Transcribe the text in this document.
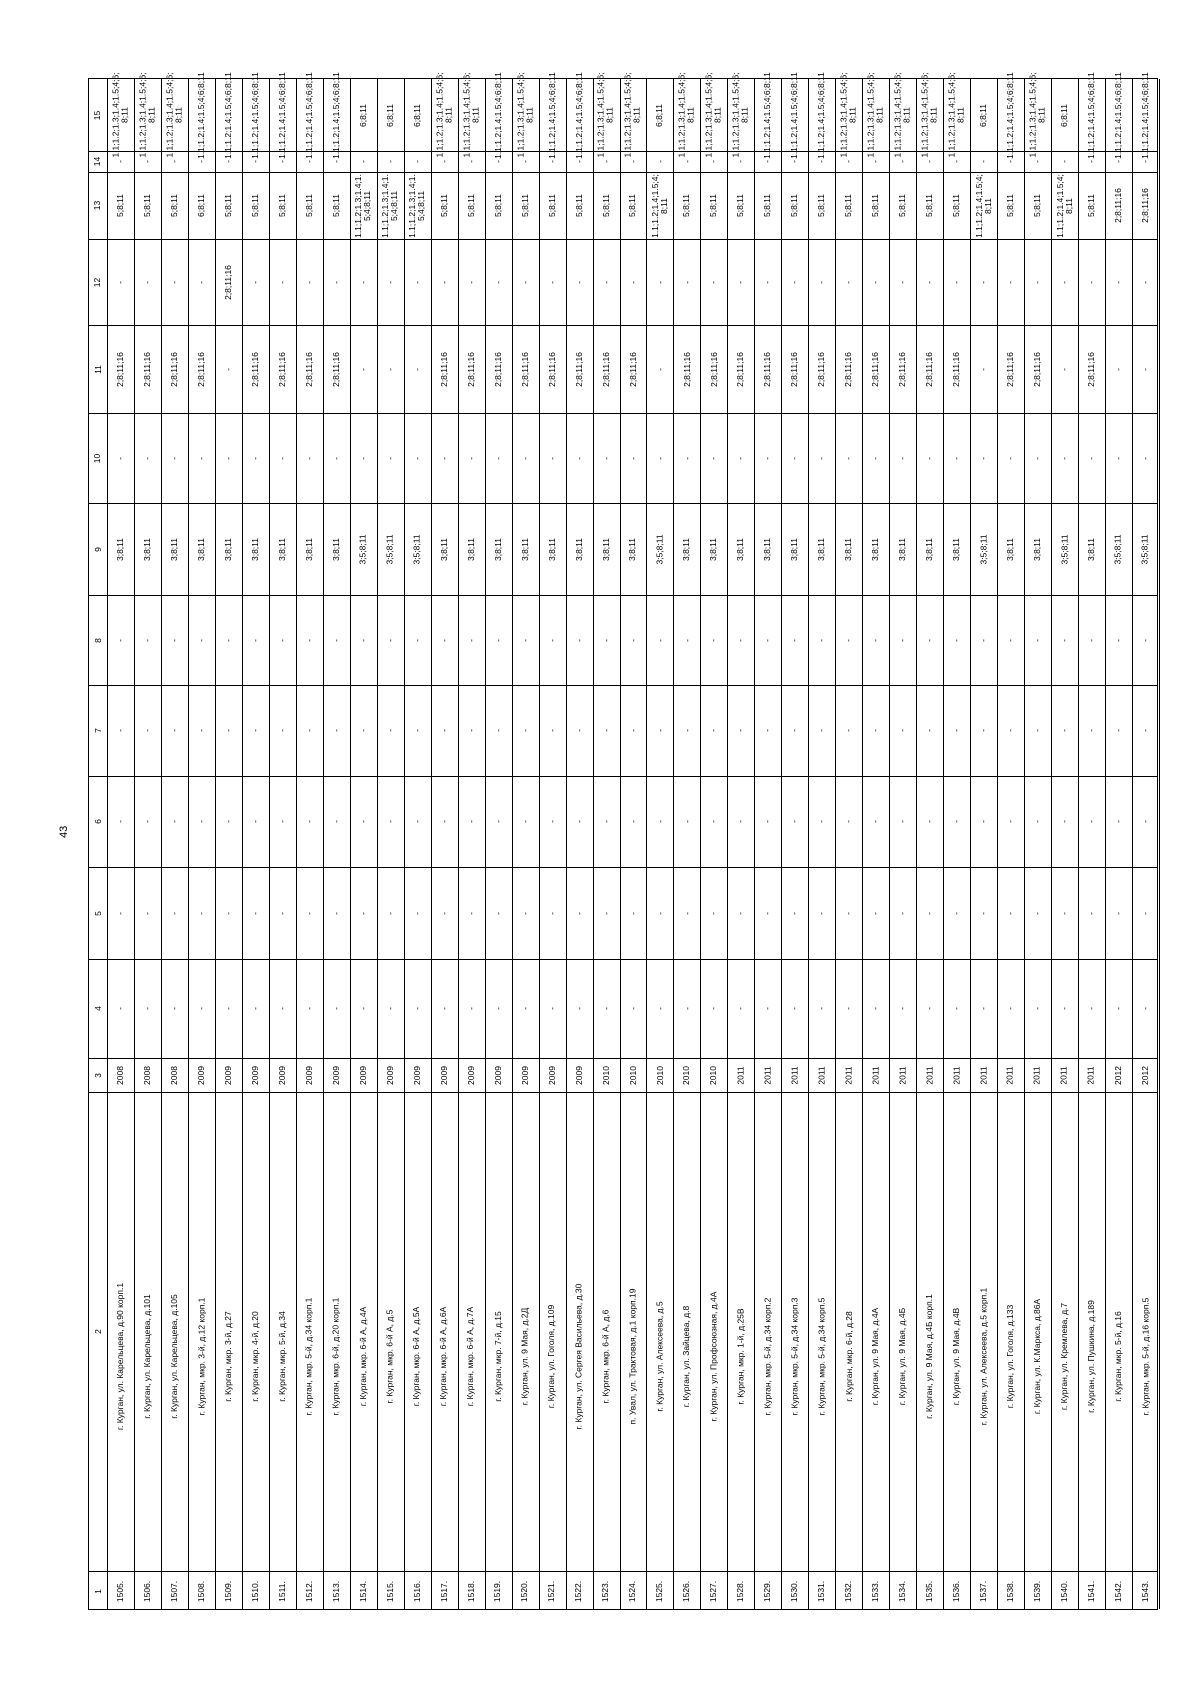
43
1
2
3
4
5
6
7
8
9
10
11
12
13
14
15
1505.
г. Курган, ул. Карельцева, д.90 корп.1
2008
-
-
-
-
-
3;8;11
-
2;8;11;16
-
5;8;11
-
1.1;1.2;1.3;1.4;1.5;4;6;
8;11
1506.
г. Курган, ул. Карельцева, д.101
2008
-
-
-
-
-
3;8;11
-
2;8;11;16
-
5;8;11
-
1.1;1.2;1.3;1.4;1.5;4;6;
8;11
1507.
г. Курган, ул. Карельцева, д.105
2008
-
-
-
-
-
3;8;11
-
2;8;11;16
-
5;8;11
-
1.1;1.2;1.3;1.4;1.5;4;6;
8;11
1508.
г. Курган, мкр. 3-й, д.12 корп.1
2009
-
-
-
-
-
3;8;11
-
2;8;11;16
-
6;8;11
-
1.1;1.2;1.4;1.5;4;6;8;11
1509.
г. Курган, мкр. 3-й, д.27
2009
-
-
-
-
-
3;8;11
-
-
2;8;11;16
5;8;11
-
1.1;1.2;1.4;1.5;4;6;8;11
1510.
г. Курган, мкр. 4-й, д.20
2009
-
-
-
-
-
3;8;11
-
2;8;11;16
-
5;8;11
-
1.1;1.2;1.4;1.5;4;6;8;11
1511.
г. Курган, мкр. 5-й, д.34
2009
-
-
-
-
-
3;8;11
-
2;8;11;16
-
5;8;11
-
1.1;1.2;1.4;1.5;4;6;8;11
1512.
г. Курган, мкр. 5-й, д.34 корп.1
2009
-
-
-
-
-
3;8;11
-
2;8;11;16
-
5;8;11
-
1.1;1.2;1.4;1.5;4;6;8;11
1513.
г. Курган, мкр. 6-й, д.20 корп.1
2009
-
-
-
-
-
3;8;11
-
2;8;11;16
-
5;8;11
-
1.1;1.2;1.4;1.5;4;6;8;11
1514.
г. Курган, мкр. 6-й А, д.4А
2009
-
-
-
-
-
3;5;8;11
-
-
-
1.1;1.2;1.3;1.4;1.
5;4;8;11
-
6;8;11
1515.
г. Курган, мкр. 6-й А, д.5
2009
-
-
-
-
-
3;5;8;11
-
-
-
1.1;1.2;1.3;1.4;1.
5;4;8;11
-
6;8;11
1516.
г. Курган, мкр. 6-й А, д.5А
2009
-
-
-
-
-
3;5;8;11
-
-
-
1.1;1.2;1.3;1.4;1.
5;4;8;11
-
6;8;11
1517.
г. Курган, мкр. 6-й А, д.6А
2009
-
-
-
-
-
3;8;11
-
2;8;11;16
-
5;8;11
-
1.1;1.2;1.3;1.4;1.5;4;6;
8;11
1518.
г. Курган, мкр. 6-й А, д.7А
2009
-
-
-
-
-
3;8;11
-
2;8;11;16
-
5;8;11
-
1.1;1.2;1.3;1.4;1.5;4;6;
8;11
1519.
г. Курган, мкр. 7-й, д.15
2009
-
-
-
-
-
3;8;11
-
2;8;11;16
-
5;8;11
-
1.1;1.2;1.4;1.5;4;6;8;11
1520.
г. Курган, ул. 9 Мая, д.2Д
2009
-
-
-
-
-
3;8;11
-
2;8;11;16
-
5;8;11
-
1.1;1.2;1.3;1.4;1.5;4;6;
8;11
1521.
г. Курган, ул. Гоголя, д.109
2009
-
-
-
-
-
3;8;11
-
2;8;11;16
-
5;8;11
-
1.1;1.2;1.4;1.5;4;6;8;11
1522.
г. Курган, ул. Сергея Васильева, д.30
2009
-
-
-
-
-
3;8;11
-
2;8;11;16
-
5;8;11
-
1.1;1.2;1.4;1.5;4;6;8;11
1523.
г. Курган, мкр. 6-й А, д.6
2010
-
-
-
-
-
3;8;11
-
2;8;11;16
-
5;8;11
-
1.1;1.2;1.3;1.4;1.5;4;6;
8;11
1524.
п. Увал, ул. Трактовая, д.1 корп.19
2010
-
-
-
-
-
3;8;11
-
2;8;11;16
-
5;8;11
-
1.1;1.2;1.3;1.4;1.5;4;6;
8;11
1525.
г. Курган, ул. Алексеева, д.5
2010
-
-
-
-
-
3;5;8;11
-
-
-
1.1;1.2;1.4;1.5;4;
8;11
-
6;8;11
1526.
г. Курган, ул. Зайцева, д.8
2010
-
-
-
-
-
3;8;11
-
2;8;11;16
-
5;8;11
-
1.1;1.2;1.3;1.4;1.5;4;6;
8;11
1527.
г. Курган, ул. Профсоюзная, д.4А
2010
-
-
-
-
-
3;8;11
-
2;8;11;16
-
5;8;11
-
1.1;1.2;1.3;1.4;1.5;4;6;
8;11
1528.
г. Курган, мкр. 1-й, д.25В
2011
-
-
-
-
-
3;8;11
-
2;8;11;16
-
5;8;11
-
1.1;1.2;1.3;1.4;1.5;4;6;
8;11
1529.
г. Курган, мкр. 5-й, д.34 корп.2
2011
-
-
-
-
-
3;8;11
-
2;8;11;16
-
5;8;11
-
1.1;1.2;1.4;1.5;4;6;8;11
1530.
г. Курган, мкр. 5-й, д.34 корп.3
2011
-
-
-
-
-
3;8;11
-
2;8;11;16
-
5;8;11
-
1.1;1.2;1.4;1.5;4;6;8;11
1531.
г. Курган, мкр. 5-й, д.34 корп.5
2011
-
-
-
-
-
3;8;11
-
2;8;11;16
-
5;8;11
-
1.1;1.2;1.4;1.5;4;6;8;11
1532.
г. Курган, мкр. 6-й, д.28
2011
-
-
-
-
-
3;8;11
-
2;8;11;16
-
5;8;11
-
1.1;1.2;1.3;1.4;1.5;4;6;
8;11
1533.
г. Курган, ул. 9 Мая, д.4А
2011
-
-
-
-
-
3;8;11
-
2;8;11;16
-
5;8;11
-
1.1;1.2;1.3;1.4;1.5;4;6;
8;11
1534.
г. Курган, ул. 9 Мая, д.4Б
2011
-
-
-
-
-
3;8;11
-
2;8;11;16
-
5;8;11
-
1.1;1.2;1.3;1.4;1.5;4;6;
8;11
1535.
г. Курган, ул. 9 Мая, д.4Б корп.1
2011
-
-
-
-
-
3;8;11
-
2;8;11;16
-
5;8;11
-
1.1;1.2;1.3;1.4;1.5;4;6;
8;11
1536.
г. Курган, ул. 9 Мая, д.4В
2011
-
-
-
-
-
3;8;11
-
2;8;11;16
-
5;8;11
-
1.1;1.2;1.3;1.4;1.5;4;6;
8;11
1537.
г. Курган, ул. Алексеева, д.5 корп.1
2011
-
-
-
-
-
3;5;8;11
-
-
-
1.1;1.2;1.4;1.5;4;
8;11
-
6;8;11
1538.
г. Курган, ул. Гоголя, д.133
2011
-
-
-
-
-
3;8;11
-
2;8;11;16
-
5;8;11
-
1.1;1.2;1.4;1.5;4;6;8;11
1539.
г. Курган, ул. К.Маркса, д.86А
2011
-
-
-
-
-
3;8;11
-
2;8;11;16
-
5;8;11
-
1.1;1.2;1.3;1.4;1.5;4;6;
8;11
1540.
г. Курган, ул. Кремлева, д.7
2011
-
-
-
-
-
3;5;8;11
-
-
-
1.1;1.2;1.4;1.5;4;
8;11
-
6;8;11
1541.
г. Курган, ул. Пушкина, д.189
2011
-
-
-
-
-
3;8;11
-
2;8;11;16
-
5;8;11
-
1.1;1.2;1.4;1.5;4;6;8;11
1542.
г. Курган, мкр. 5-й, д.16
2012
-
-
-
-
-
3;5;8;11
-
-
-
2;8;11;16
-
1.1;1.2;1.4;1.5;4;6;8;11
1543.
г. Курган, мкр. 5-й, д.16 корп.5
2012
-
-
-
-
-
3;5;8;11
-
-
-
2;8;11;16
-
1.1;1.2;1.4;1.5;4;6;8;11
